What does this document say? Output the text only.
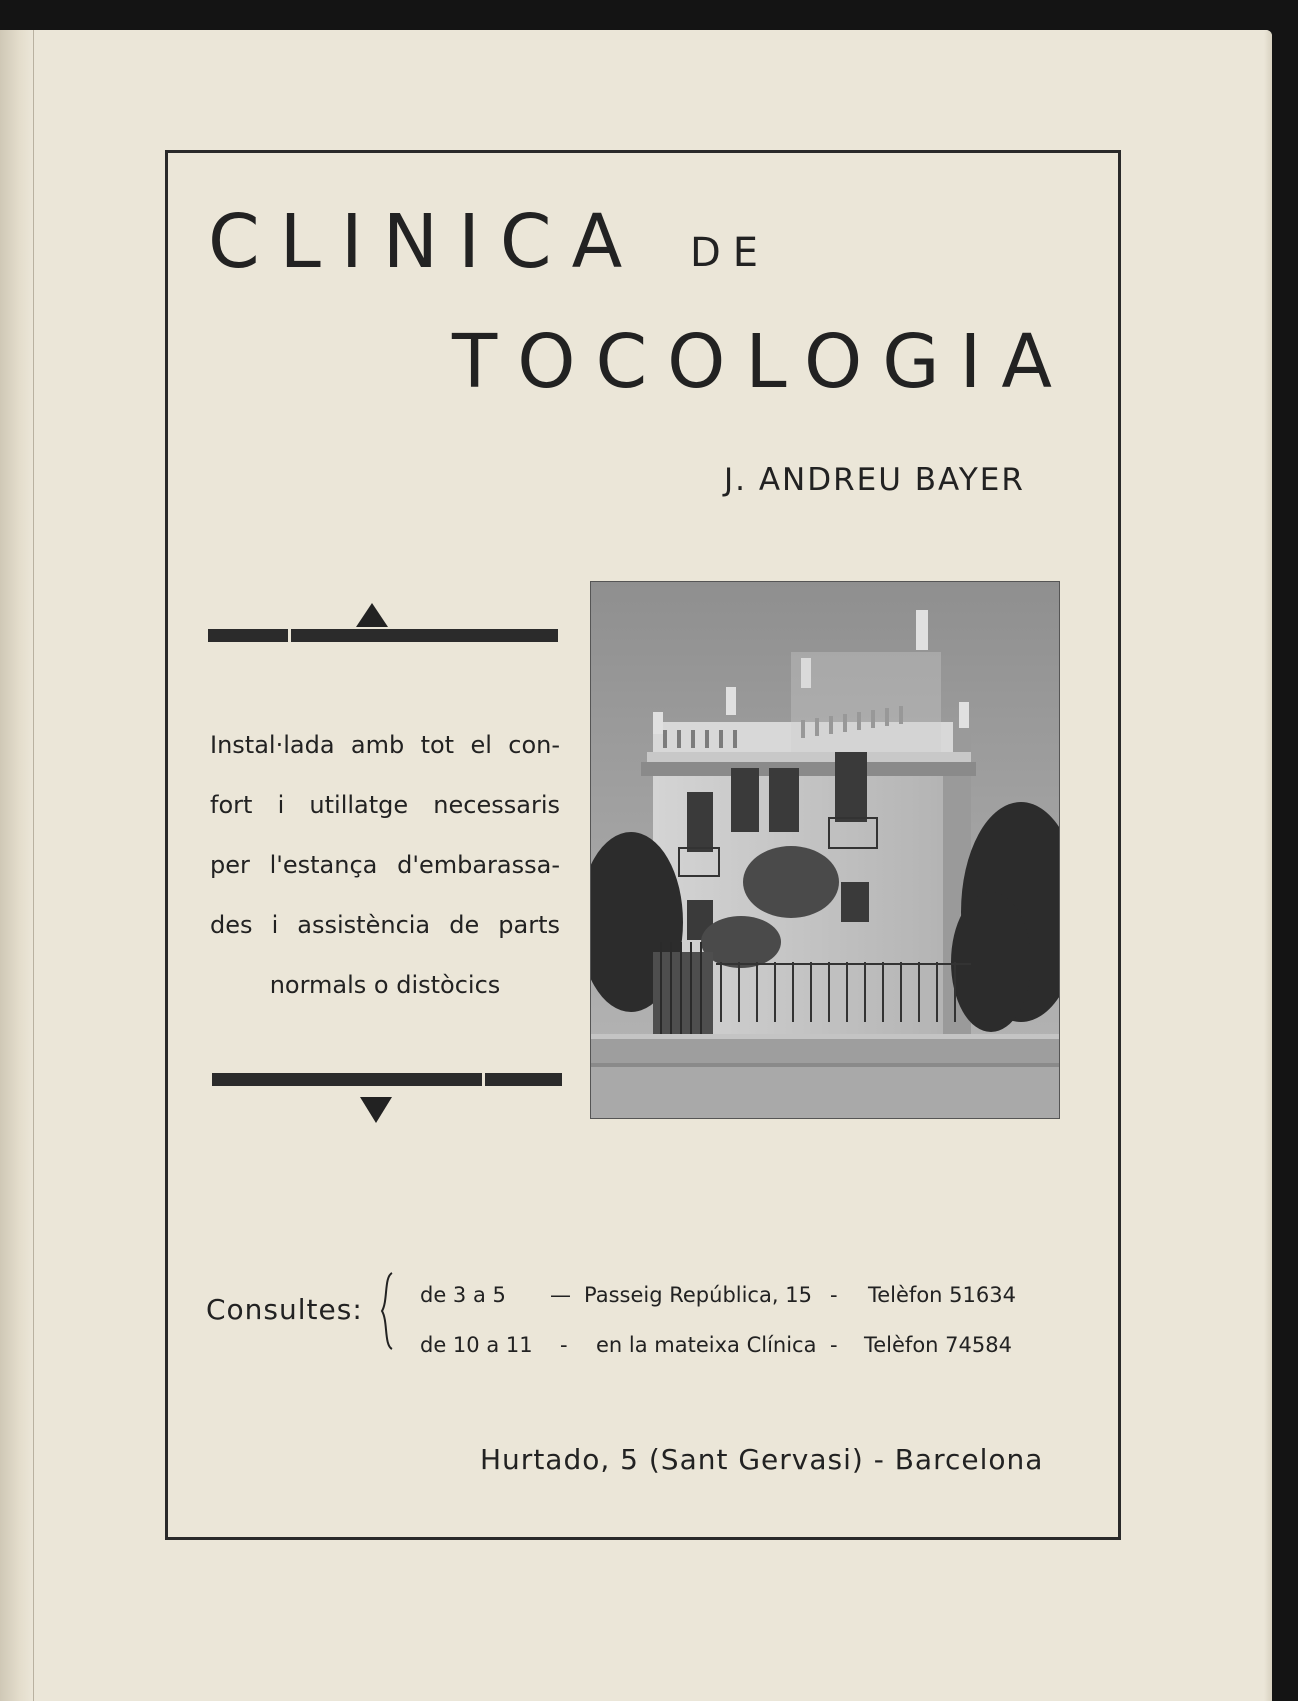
CLINICA DE
TOCOLOGIA
J. ANDREU BAYER
Instal·lada amb tot el con-
fort i utillatge necessaris
per l'estança d'embarassa-
des i assistència de parts
normals o distòcics
Consultes:	de 3 a 5 — Passeig República, 15 - Telèfon 51634
de 10 a 11 - en la mateixa Clínica - Telèfon 74584
Hurtado, 5 (Sant Gervasi) - Barcelona
